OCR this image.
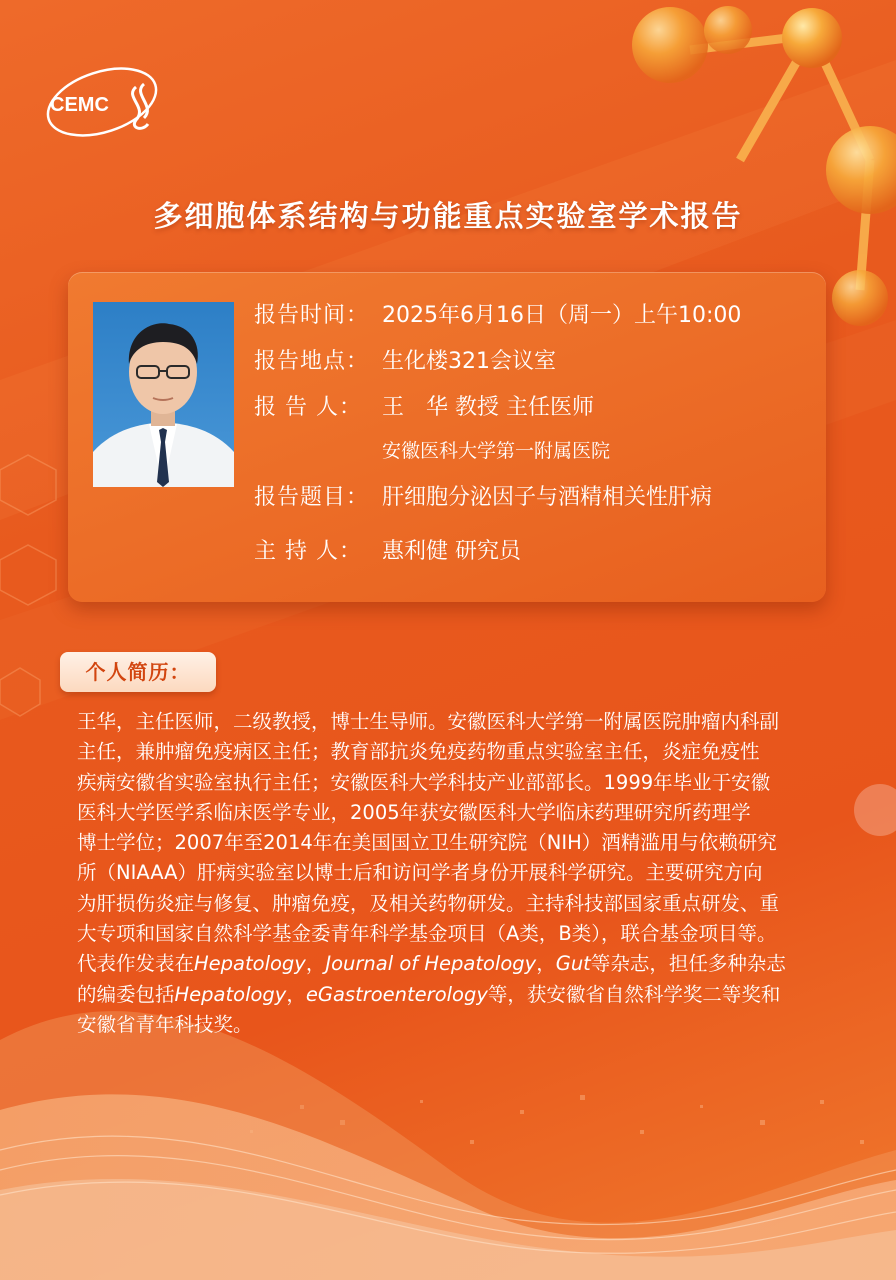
CEMC
多细胞体系结构与功能重点实验室学术报告
报告时间： 2025年6月16日（周一）上午10:00
报告地点： 生化楼321会议室
报 告 人： 王　华 教授 主任医师
安徽医科大学第一附属医院
报告题目： 肝细胞分泌因子与酒精相关性肝病
主 持 人： 惠利健 研究员
个人简历：
王华，主任医师，二级教授，博士生导师。安徽医科大学第一附属医院肿瘤内科副
主任，兼肿瘤免疫病区主任；教育部抗炎免疫药物重点实验室主任，炎症免疫性
疾病安徽省实验室执行主任；安徽医科大学科技产业部部长。1999年毕业于安徽
医科大学医学系临床医学专业，2005年获安徽医科大学临床药理研究所药理学
博士学位；2007年至2014年在美国国立卫生研究院（NIH）酒精滥用与依赖研究
所（NIAAA）肝病实验室以博士后和访问学者身份开展科学研究。主要研究方向
为肝损伤炎症与修复、肿瘤免疫，及相关药物研发。主持科技部国家重点研发、重
大专项和国家自然科学基金委青年科学基金项目（A类，B类），联合基金项目等。
代表作发表在Hepatology，Journal of Hepatology，Gut等杂志，担任多种杂志
的编委包括Hepatology，eGastroenterology等，获安徽省自然科学奖二等奖和
安徽省青年科技奖。
